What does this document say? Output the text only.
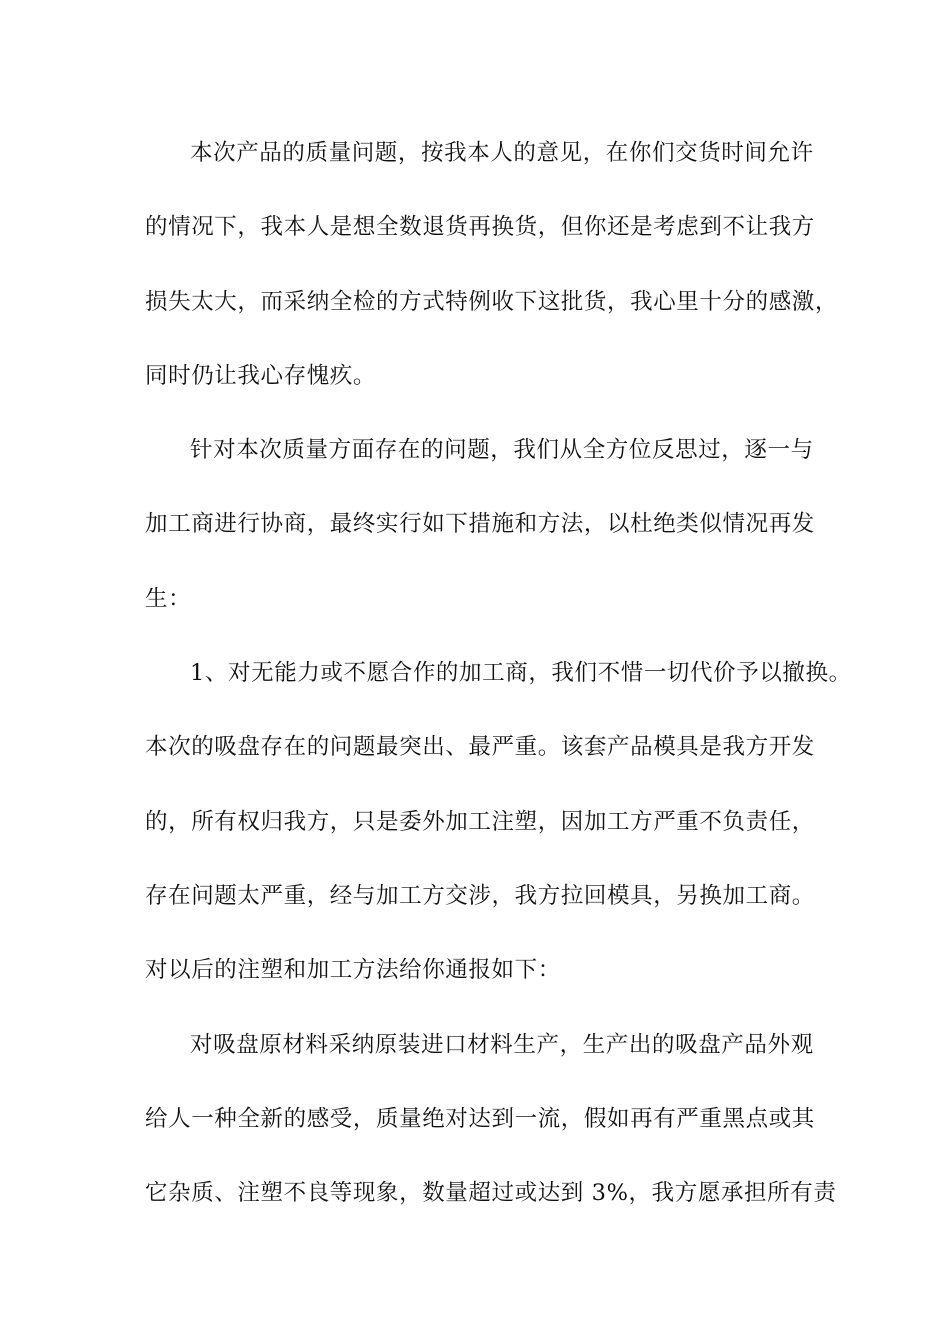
本次产品的质量问题，按我本人的意见，在你们交货时间允许
的情况下，我本人是想全数退货再换货，但你还是考虑到不让我方
损失太大，而采纳全检的方式特例收下这批货，我心里十分的感激，
同时仍让我心存愧疚。
针对本次质量方面存在的问题，我们从全方位反思过，逐一与
加工商进行协商，最终实行如下措施和方法，以杜绝类似情况再发
生：
1、对无能力或不愿合作的加工商，我们不惜一切代价予以撤换。
本次的吸盘存在的问题最突出、最严重。该套产品模具是我方开发
的，所有权归我方，只是委外加工注塑，因加工方严重不负责任，
存在问题太严重，经与加工方交涉，我方拉回模具，另换加工商。
对以后的注塑和加工方法给你通报如下：
对吸盘原材料采纳原装进口材料生产，生产出的吸盘产品外观
给人一种全新的感受，质量绝对达到一流，假如再有严重黑点或其
它杂质、注塑不良等现象，数量超过或达到 3%，我方愿承担所有责
